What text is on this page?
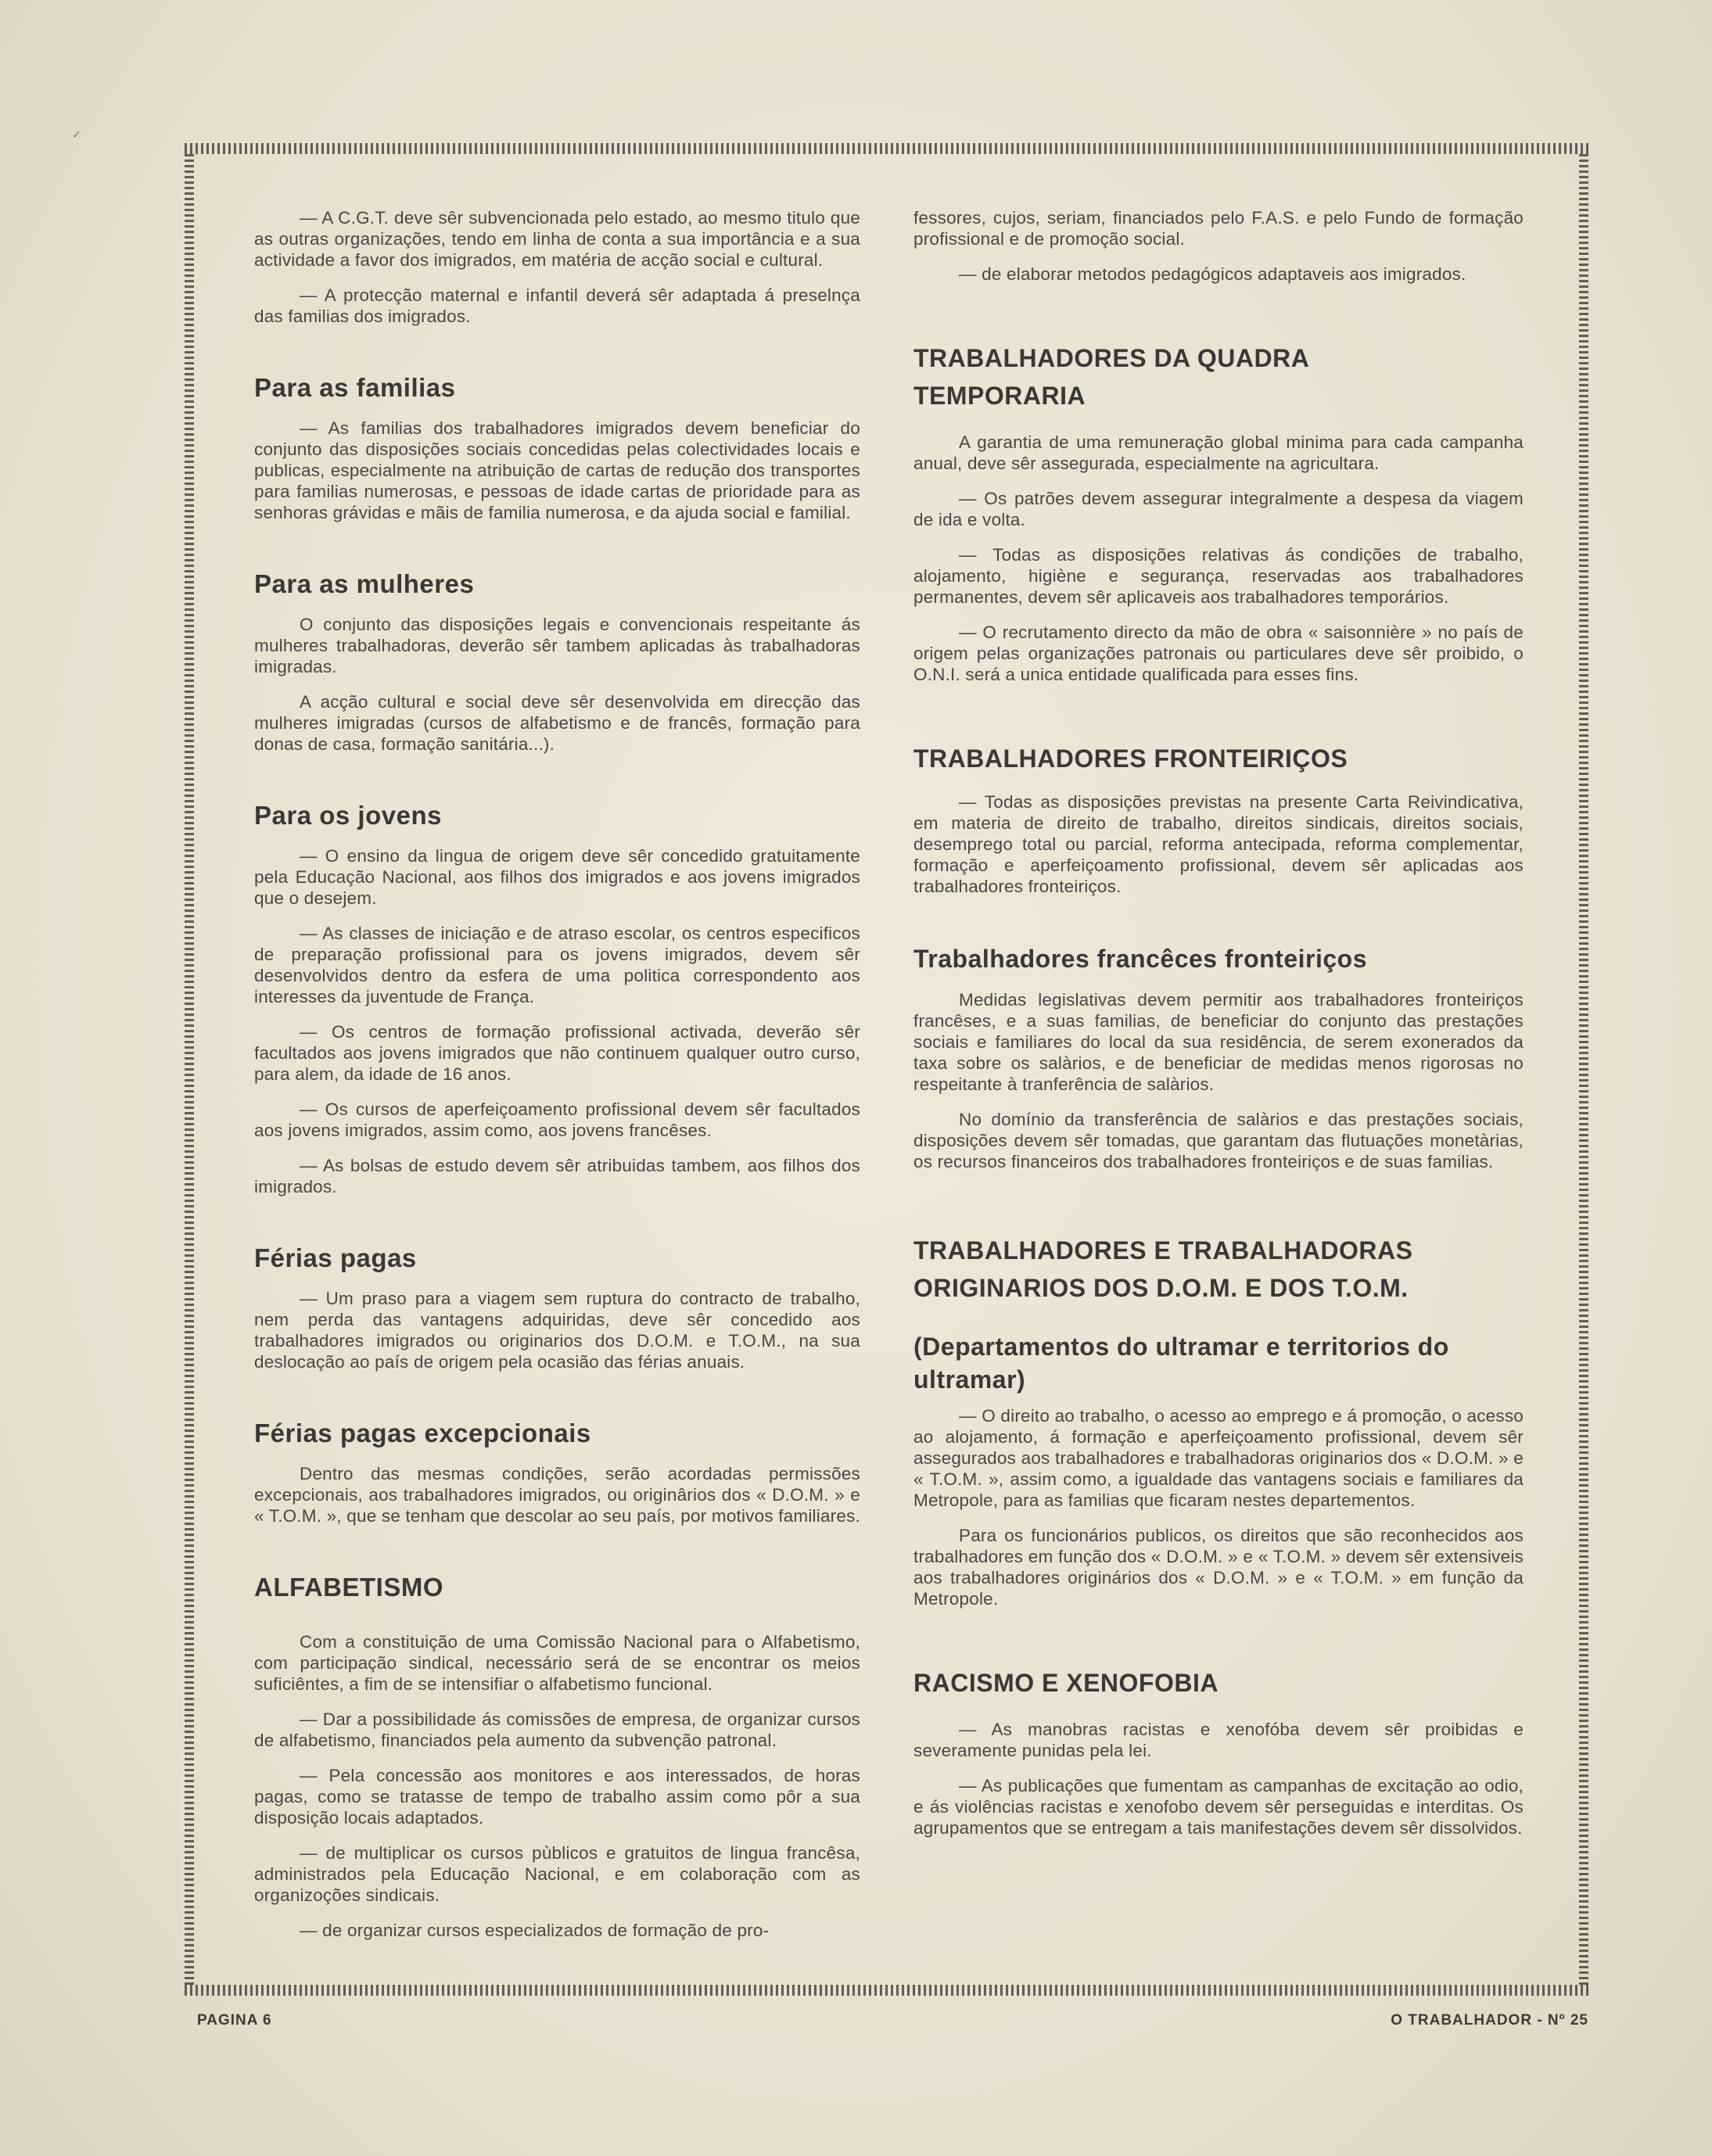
✓

— A C.G.T. deve sêr subvencionada pelo estado, ao mesmo titulo que as outras organizações, tendo em linha de conta a sua importância e a sua actividade a favor dos imigrados, em matéria de acção social e cultural.

— A protecção maternal e infantil deverá sêr adaptada á preselnça das familias dos imigrados.

Para as familias

— As familias dos trabalhadores imigrados devem beneficiar do conjunto das disposições sociais concedidas pelas colectividades locais e publicas, especialmente na atribuição de cartas de redução dos transportes para familias numerosas, e pessoas de idade cartas de prioridade para as senhoras grávidas e mãis de familia numerosa, e da ajuda social e familial.

Para as mulheres

O conjunto das disposições legais e convencionais respeitante ás mulheres trabalhadoras, deverão sêr tambem aplicadas às trabalhadoras imigradas.

A acção cultural e social deve sêr desenvolvida em direcção das mulheres imigradas (cursos de alfabetismo e de francês, formação para donas de casa, formação sanitária...).

Para os jovens

— O ensino da lingua de origem deve sêr concedido gratuitamente pela Educação Nacional, aos filhos dos imigrados e aos jovens imigrados que o desejem.

— As classes de iniciação e de atraso escolar, os centros especificos de preparação profissional para os jovens imigrados, devem sêr desenvolvidos dentro da esfera de uma politica correspondento aos interesses da juventude de França.

— Os centros de formação profissional activada, deverão sêr facultados aos jovens imigrados que não continuem qualquer outro curso, para alem, da idade de 16 anos.

— Os cursos de aperfeiçoamento profissional devem sêr facultados aos jovens imigrados, assim como, aos jovens francêses.

— As bolsas de estudo devem sêr atribuidas tambem, aos filhos dos imigrados.

Férias pagas

— Um praso para a viagem sem ruptura do contracto de trabalho, nem perda das vantagens adquiridas, deve sêr concedido aos trabalhadores imigrados ou originarios dos D.O.M. e T.O.M., na sua deslocação ao país de origem pela ocasião das férias anuais.

Férias pagas excepcionais

Dentro das mesmas condições, serão acordadas permissões excepcionais, aos trabalhadores imigrados, ou originârios dos « D.O.M. » e « T.O.M. », que se tenham que descolar ao seu país, por motivos familiares.

ALFABETISMO

Com a constituição de uma Comissão Nacional para o Alfabetismo, com participação sindical, necessário será de se encontrar os meios suficiêntes, a fim de se intensifiar o alfabetismo funcional.

— Dar a possibilidade ás comissões de empresa, de organizar cursos de alfabetismo, financiados pela aumento da subvenção patronal.

— Pela concessão aos monitores e aos interessados, de horas pagas, como se tratasse de tempo de trabalho assim como pôr a sua disposição locais adaptados.

— de multiplicar os cursos pùblicos e gratuitos de lingua francêsa, administrados pela Educação Nacional, e em colaboração com as organizoções sindicais.

— de organizar cursos especializados de formação de pro-

fessores, cujos, seriam, financiados pelo F.A.S. e pelo Fundo de formação profissional e de promoção social.

— de elaborar metodos pedagógicos adaptaveis aos imigrados.

TRABALHADORES DA QUADRA TEMPORARIA

A garantia de uma remuneração global minima para cada campanha anual, deve sêr assegurada, especialmente na agricultara.

— Os patrões devem assegurar integralmente a despesa da viagem de ida e volta.

— Todas as disposições relativas ás condições de trabalho, alojamento, higiène e segurança, reservadas aos trabalhadores permanentes, devem sêr aplicaveis aos trabalhadores temporários.

— O recrutamento directo da mão de obra « saisonnière » no país de origem pelas organizações patronais ou particulares deve sêr proibido, o O.N.I. será a unica entidade qualificada para esses fins.

TRABALHADORES FRONTEIRIÇOS

— Todas as disposições previstas na presente Carta Reivindicativa, em materia de direito de trabalho, direitos sindicais, direitos sociais, desemprego total ou parcial, reforma antecipada, reforma complementar, formação e aperfeiçoamento profissional, devem sêr aplicadas aos trabalhadores fronteiriços.

Trabalhadores francêces fronteiriços

Medidas legislativas devem permitir aos trabalhadores fronteiriços francêses, e a suas familias, de beneficiar do conjunto das prestações sociais e familiares do local da sua residência, de serem exonerados da taxa sobre os salàrios, e de beneficiar de medidas menos rigorosas no respeitante à tranferência de salàrios.

No domínio da transferência de salàrios e das prestações sociais, disposições devem sêr tomadas, que garantam das flutuações monetàrias, os recursos financeiros dos trabalhadores fronteiriços e de suas familias.

TRABALHADORES E TRABALHADORAS ORIGINARIOS DOS D.O.M. E DOS T.O.M.
(Departamentos do ultramar e territorios do ultramar)

— O direito ao trabalho, o acesso ao emprego e á promoção, o acesso ao alojamento, á formação e aperfeiçoamento profissional, devem sêr assegurados aos trabalhadores e trabalhadoras originarios dos « D.O.M. » e « T.O.M. », assim como, a igualdade das vantagens sociais e familiares da Metropole, para as familias que ficaram nestes departementos.

Para os funcionários publicos, os direitos que são reconhecidos aos trabalhadores em função dos « D.O.M. » e « T.O.M. » devem sêr extensiveis aos trabalhadores originários dos « D.O.M. » e « T.O.M. » em função da Metropole.

RACISMO E XENOFOBIA

— As manobras racistas e xenofóba devem sêr proibidas e severamente punidas pela lei.

— As publicações que fumentam as campanhas de excitação ao odio, e ás violências racistas e xenofobo devem sêr perseguidas e interditas. Os agrupamentos que se entregam a tais manifestações devem sêr dissolvidos.

PAGINA 6	O TRABALHADOR - Nº 25
